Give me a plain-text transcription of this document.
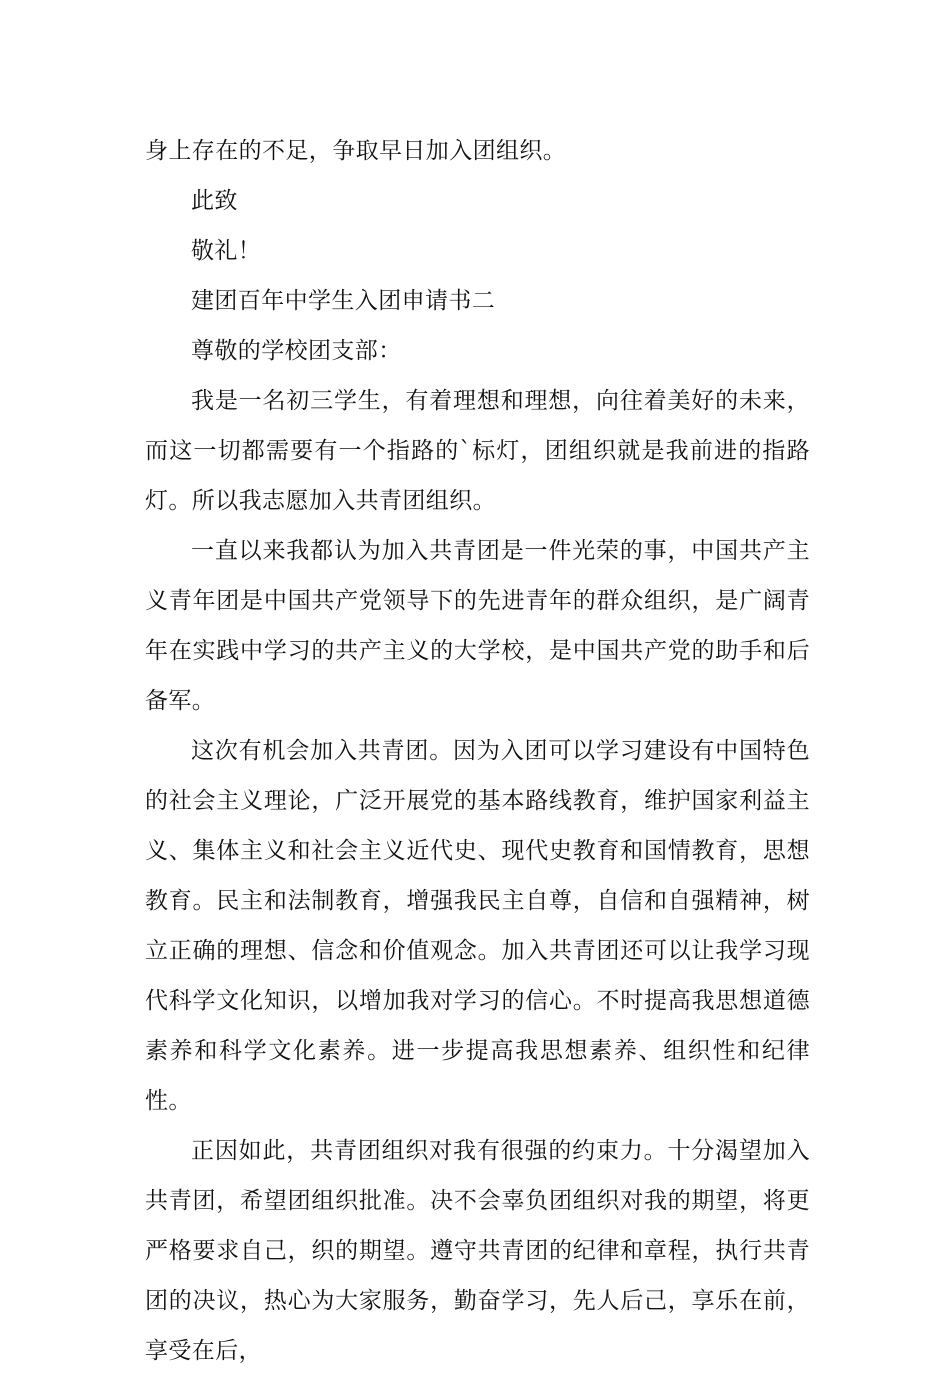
身上存在的不足，争取早日加入团组织。

此致

敬礼！

建团百年中学生入团申请书二

尊敬的学校团支部：

我是一名初三学生，有着理想和理想，向往着美好的未来，而这一切都需要有一个指路的`标灯，团组织就是我前进的指路灯。所以我志愿加入共青团组织。

一直以来我都认为加入共青团是一件光荣的事，中国共产主义青年团是中国共产党领导下的先进青年的群众组织，是广阔青年在实践中学习的共产主义的大学校，是中国共产党的助手和后备军。

这次有机会加入共青团。因为入团可以学习建设有中国特色的社会主义理论，广泛开展党的基本路线教育，维护国家利益主义、集体主义和社会主义近代史、现代史教育和国情教育，思想教育。民主和法制教育，增强我民主自尊，自信和自强精神，树立正确的理想、信念和价值观念。加入共青团还可以让我学习现代科学文化知识，以增加我对学习的信心。不时提高我思想道德素养和科学文化素养。进一步提高我思想素养、组织性和纪律性。

正因如此，共青团组织对我有很强的约束力。十分渴望加入共青团，希望团组织批准。决不会辜负团组织对我的期望，将更严格要求自己，织的期望。遵守共青团的纪律和章程，执行共青团的决议，热心为大家服务，勤奋学习，先人后己，享乐在前，享受在后，
